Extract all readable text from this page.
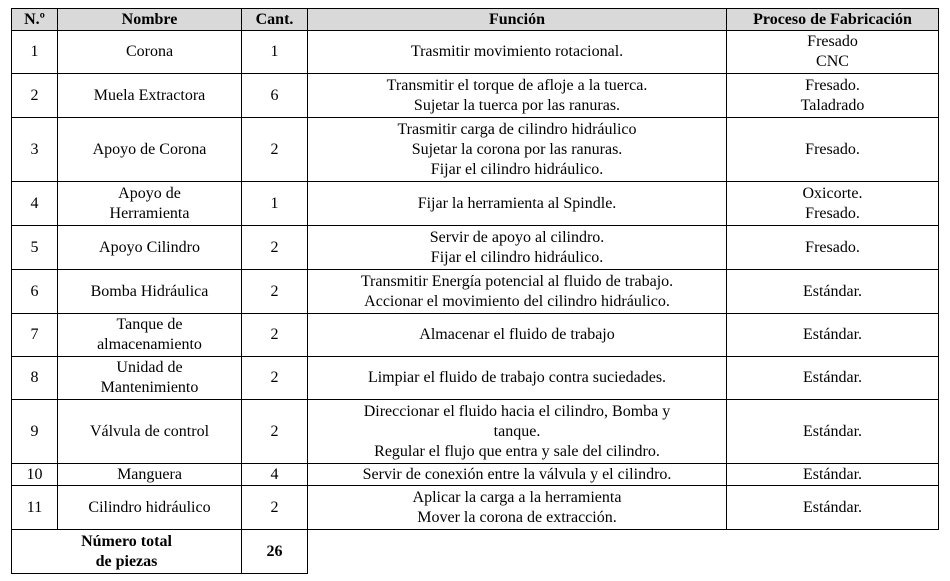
N.º	Nombre	Cant.	Función	Proceso de Fabricación

1	Corona	1	Trasmitir movimiento rotacional.	Fresado
CNC

2	Muela Extractora	6	Transmitir el torque de afloje a la tuerca.
Sujetar la tuerca por las ranuras.	Fresado.
Taladrado

3	Apoyo de Corona	2	Trasmitir carga de cilindro hidráulico
Sujetar la corona por las ranuras.
Fijar el cilindro hidráulico.	Fresado.

4	Apoyo de
Herramienta	1	Fijar la herramienta al Spindle.	Oxicorte.
Fresado.

5	Apoyo Cilindro	2	Servir de apoyo al cilindro.
Fijar el cilindro hidráulico.	Fresado.

6	Bomba Hidráulica	2	Transmitir Energía potencial al fluido de trabajo.
Accionar el movimiento del cilindro hidráulico.	Estándar.

7	Tanque de
almacenamiento	2	Almacenar el fluido de trabajo	Estándar.

8	Unidad de
Mantenimiento	2	Limpiar el fluido de trabajo contra suciedades.	Estándar.

9	Válvula de control	2	Direccionar el fluido hacia el cilindro, Bomba y
tanque.
Regular el flujo que entra y sale del cilindro.	Estándar.

10	Manguera	4	Servir de conexión entre la válvula y el cilindro.	Estándar.

11	Cilindro hidráulico	2	Aplicar la carga a la herramienta
Mover la corona de extracción.	Estándar.

Número total
de piezas		26		
